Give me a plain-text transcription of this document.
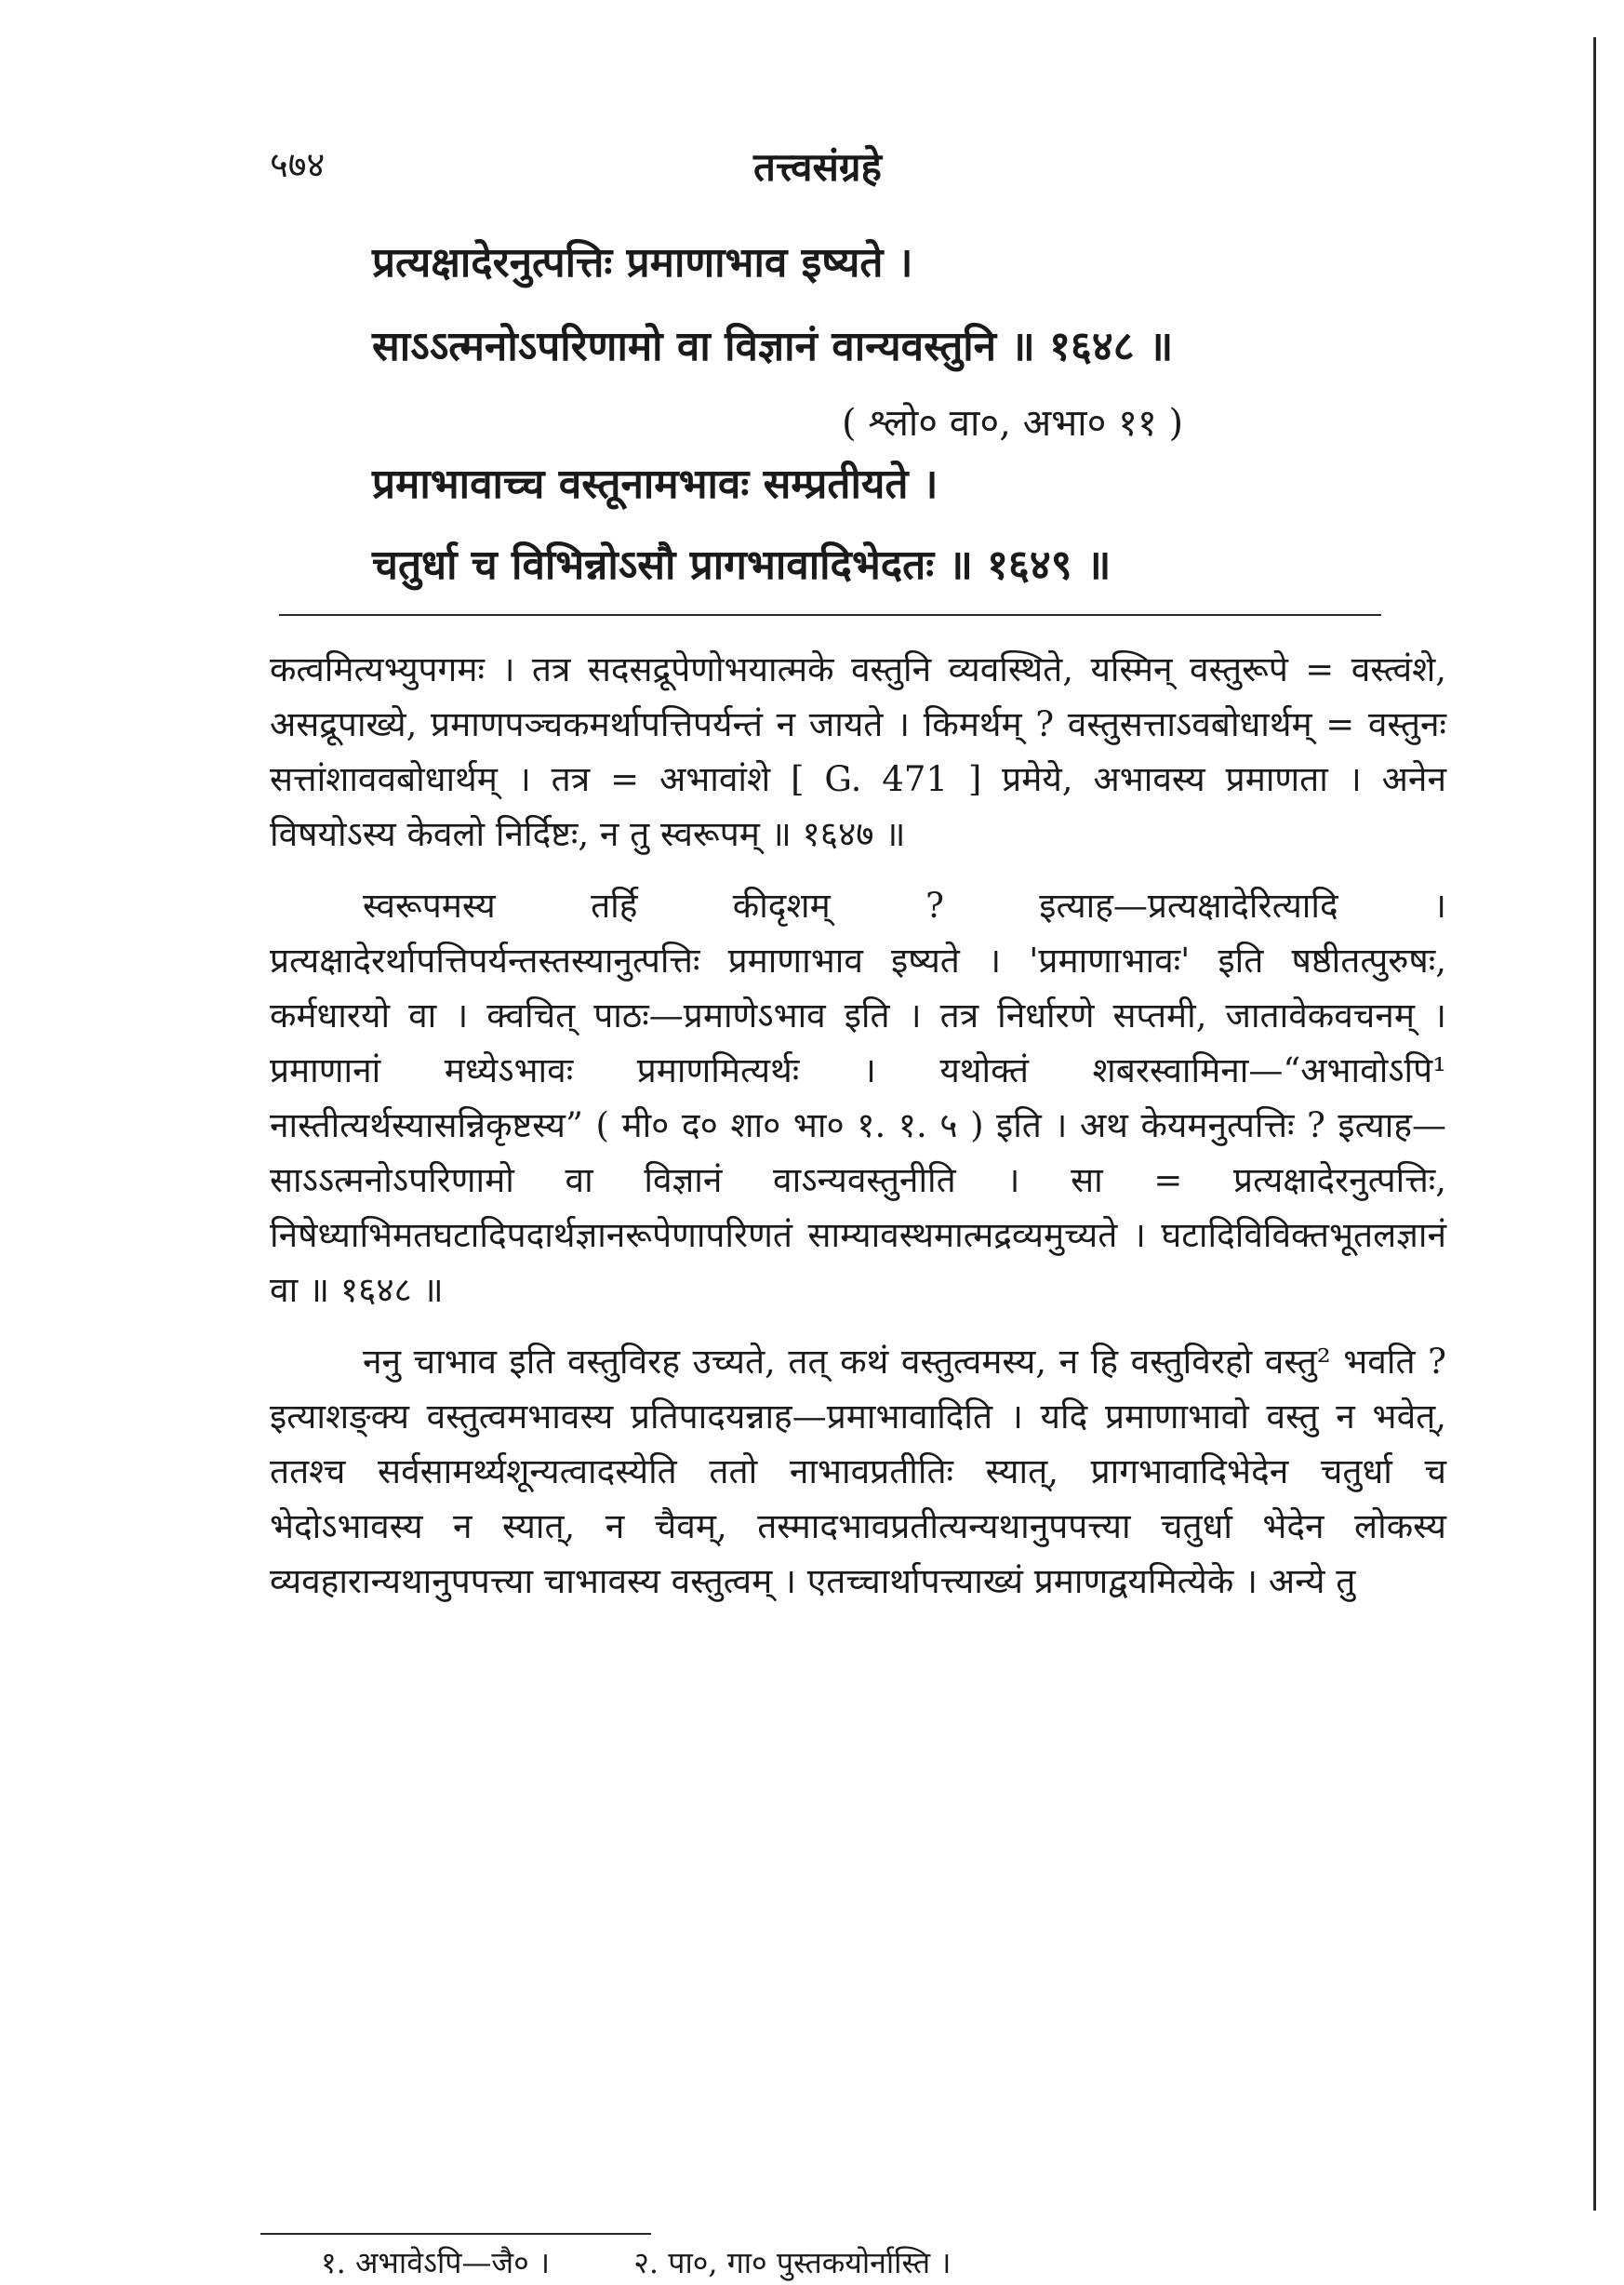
५७४	तत्त्वसंग्रहे
प्रत्यक्षादेरनुत्पत्तिः प्रमाणाभाव इष्यते ।
साऽऽत्मनोऽपरिणामो वा विज्ञानं वान्यवस्तुनि ॥ १६४८ ॥
( श्लो० वा०, अभा० ११ )
प्रमाभावाच्च वस्तूनामभावः सम्प्रतीयते ।
चतुर्धा च विभिन्नोऽसौ प्रागभावादिभेदतः ॥ १६४९ ॥

कत्वमित्यभ्युपगमः । तत्र सदसद्रूपेणोभयात्मके वस्तुनि व्यवस्थिते, यस्मिन् वस्तुरूपे = वस्त्वंशे, असद्रूपाख्ये, प्रमाणपञ्चकमर्थापत्तिपर्यन्तं न जायते । किमर्थम् ? वस्तुसत्ताऽवबोधार्थम् = वस्तुनः सत्तांशाववबोधार्थम् । तत्र = अभावांशे [ G. 471 ] प्रमेये, अभावस्य प्रमाणता । अनेन विषयोऽस्य केवलो निर्दिष्टः, न तु स्वरूपम् ॥ १६४७ ॥

स्वरूपमस्य तर्हि कीदृशम् ? इत्याह—प्रत्यक्षादेरित्यादि । प्रत्यक्षादेरर्थापत्तिपर्यन्तस्तस्यानुत्पत्तिः प्रमाणाभाव इष्यते । 'प्रमाणाभावः' इति षष्ठीतत्पुरुषः, कर्मधारयो वा । क्वचित् पाठः—प्रमाणेऽभाव इति । तत्र निर्धारणे सप्तमी, जातावेकवचनम् । प्रमाणानां मध्येऽभावः प्रमाणमित्यर्थः । यथोक्तं शबरस्वामिना—“अभावोऽपि¹ नास्तीत्यर्थस्यासन्निकृष्टस्य” ( मी० द० शा० भा० १. १. ५ ) इति । अथ केयमनुत्पत्तिः ? इत्याह—साऽऽत्मनोऽपरिणामो वा विज्ञानं वाऽन्यवस्तुनीति । सा = प्रत्यक्षादेरनुत्पत्तिः, निषेध्याभिमतघटादिपदार्थज्ञानरूपेणापरिणतं साम्यावस्थमात्मद्रव्यमुच्यते । घटादिविविक्तभूतलज्ञानं वा ॥ १६४८ ॥

ननु चाभाव इति वस्तुविरह उच्यते, तत् कथं वस्तुत्वमस्य, न हि वस्तुविरहो वस्तु² भवति ? इत्याशङ्क्य वस्तुत्वमभावस्य प्रतिपादयन्नाह—प्रमाभावादिति । यदि प्रमाणाभावो वस्तु न भवेत्, ततश्च सर्वसामर्थ्यशून्यत्वादस्येति ततो नाभावप्रतीतिः स्यात्, प्रागभावादिभेदेन चतुर्धा च भेदोऽभावस्य न स्यात्, न चैवम्, तस्मादभावप्रतीत्यन्यथानुपपत्त्या चतुर्धा भेदेन लोकस्य व्यवहारान्यथानुपपत्त्या चाभावस्य वस्तुत्वम् । एतच्चार्थापत्त्याख्यं प्रमाणद्वयमित्येके । अन्ये तु

१. अभावेऽपि—जै० ।	२. पा०, गा० पुस्तकयोर्नास्ति ।
